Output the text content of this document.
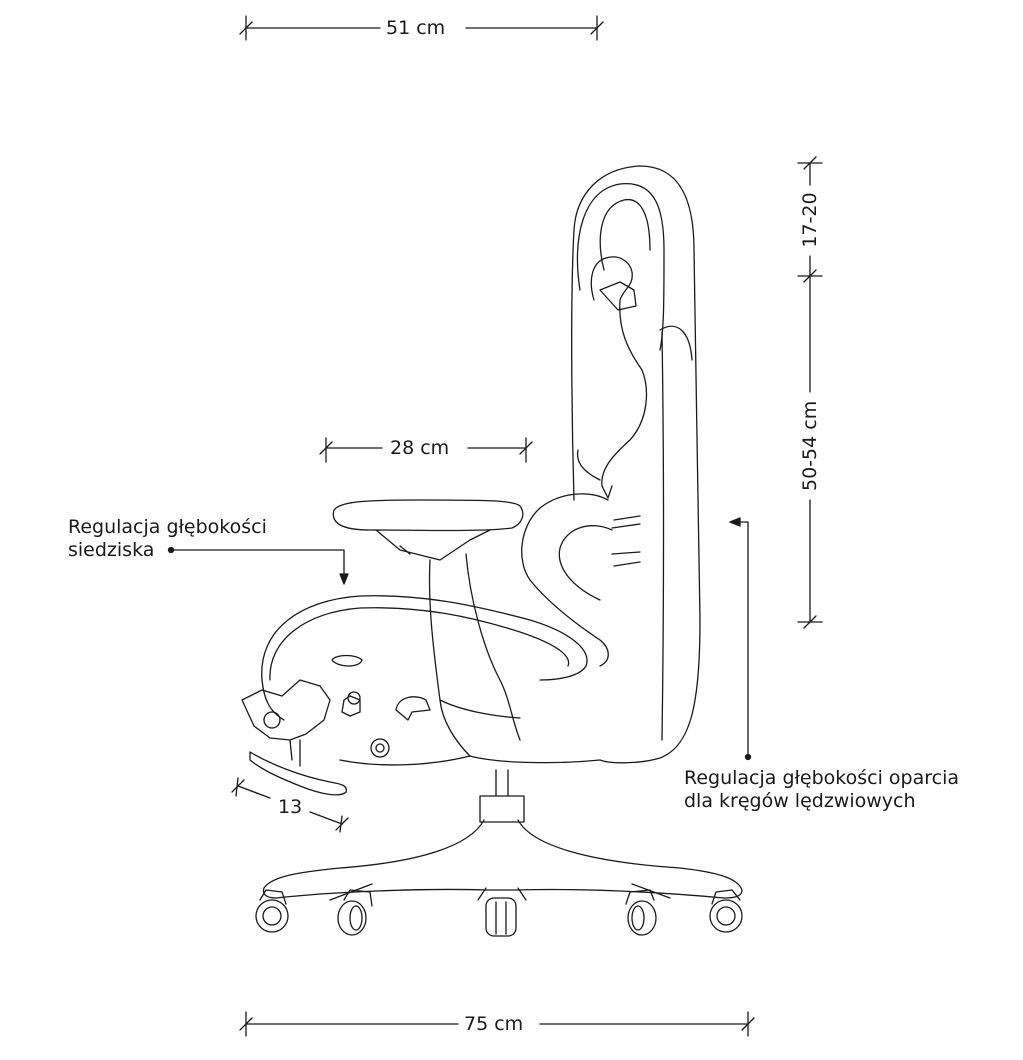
51 cm
28 cm
17-20
50-54 cm
13
75 cm
Regulacja głębokości
siedziska
Regulacja głębokości oparcia
dla kręgów lędzwiowych
